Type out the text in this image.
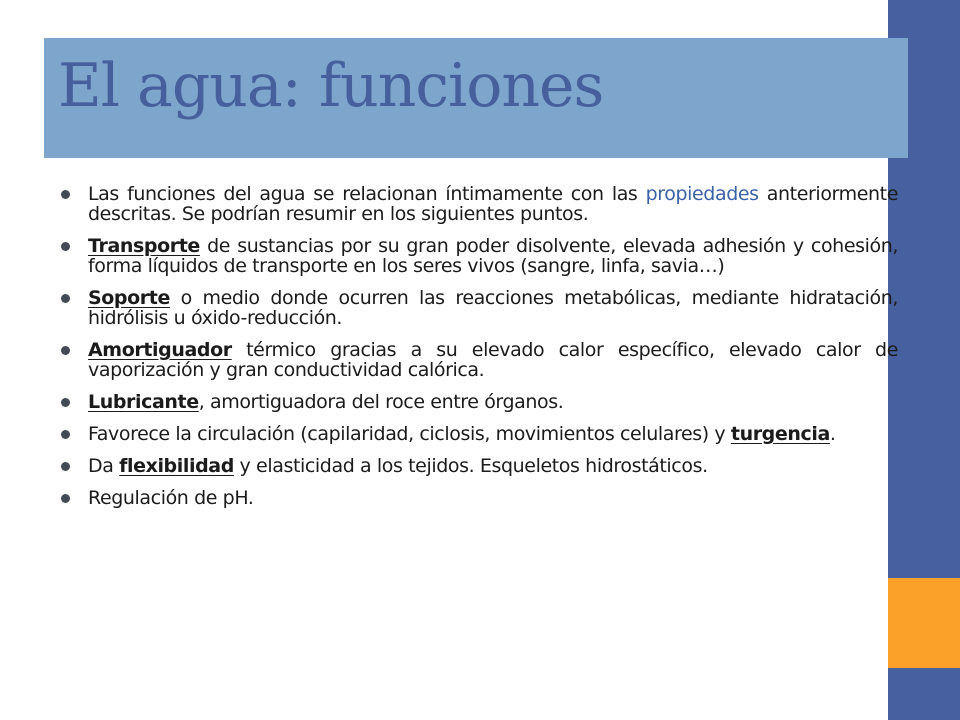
El agua: funciones
Las funciones del agua se relacionan íntimamente con las propiedades anteriormente descritas. Se podrían resumir en los siguientes puntos.
Transporte de sustancias por su gran poder disolvente, elevada adhesión y cohesión, forma líquidos de transporte en los seres vivos (sangre, linfa, savia…)
Soporte o medio donde ocurren las reacciones metabólicas, mediante hidratación, hidrólisis u óxido-reducción.
Amortiguador térmico gracias a su elevado calor específico, elevado calor de vaporización y gran conductividad calórica.
Lubricante, amortiguadora del roce entre órganos.
Favorece la circulación (capilaridad, ciclosis, movimientos celulares) y turgencia.
Da flexibilidad y elasticidad a los tejidos. Esqueletos hidrostáticos.
Regulación de pH.
